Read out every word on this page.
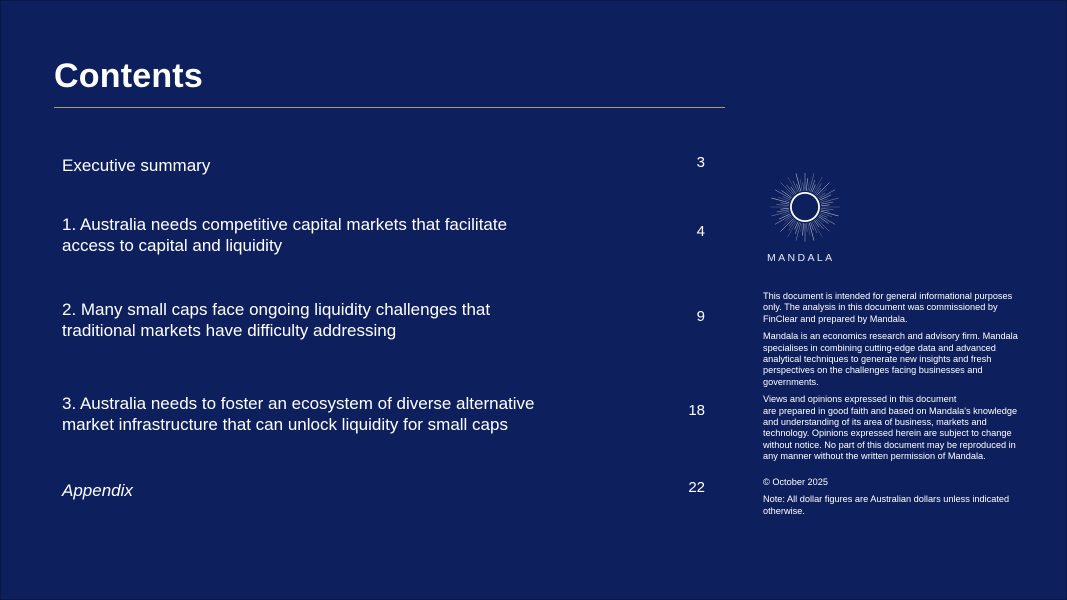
Contents
Executive summary	3
1. Australia needs competitive capital markets that facilitate
access to capital and liquidity
4
2. Many small caps face ongoing liquidity challenges that
traditional markets have difficulty addressing
9
3. Australia needs to foster an ecosystem of diverse alternative
market infrastructure that can unlock liquidity for small caps
18
Appendix	22
MANDALA

This document is intended for general informational purposes only. The analysis in this document was commissioned by FinClear and prepared by Mandala.

Mandala is an economics research and advisory firm. Mandala specialises in combining cutting-edge data and advanced analytical techniques to generate new insights and fresh perspectives on the challenges facing businesses and governments.

Views and opinions expressed in this document
are prepared in good faith and based on Mandala's knowledge and understanding of its area of business, markets and technology. Opinions expressed herein are subject to change without notice. No part of this document may be reproduced in any manner without the written permission of Mandala.

© October 2025

Note: All dollar figures are Australian dollars unless indicated otherwise.
